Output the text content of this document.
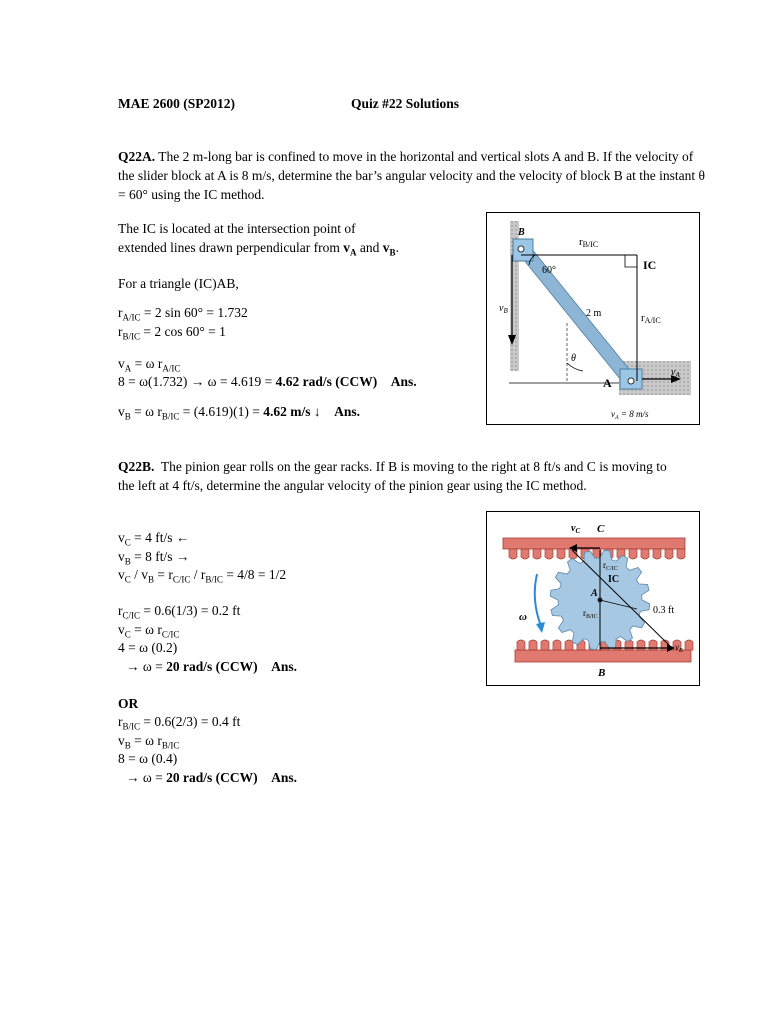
MAE 2600 (SP2012)	Quiz #22 Solutions
Q22A. The 2 m-long bar is confined to move in the horizontal and vertical slots A and B. If the velocity of the slider block at A is 8 m/s, determine the bar’s angular velocity and the velocity of block B at the instant θ = 60° using the IC method.
The IC is located at the intersection point of
extended lines drawn perpendicular from $v_A$ and $v_B$.
For a triangle (IC)AB,
$r_{A/IC} = 2$ sin 60° = 1.732
$r_{B/IC} = 2$ cos 60° = 1
$v_A = \omega$ $r_{A/IC}$
8 = ω(1.732) → ω = 4.619 = 4.62 rad/s (CCW) Ans.
$v_B = \omega$ $r_{B/IC} = (4.619)(1) = 4.62$ m/s ↓ Ans.
B
A
IC
rB/IC
rA/IC
60°
2 m
$v_B$
θ
$v_A$
$v_A = 8$ m/s
Q22B. The pinion gear rolls on the gear racks. If B is moving to the right at 8 ft/s and C is moving to the left at 4 ft/s, determine the angular velocity of the pinion gear using the IC method.
$v_C = 4$ ft/s ←
$v_B = 8$ ft/s →
$v_C / v_B = r_{C/IC} / r_{B/IC} = 4/8 = 1/2$
$r_{C/IC} = 0.6(1/3) = 0.2$ ft
$v_C = \omega$ $r_{C/IC}$
4 = ω (0.2)
→ ω = 20 rad/s (CCW) Ans.
OR
$r_{B/IC} = 0.6(2/3) = 0.4$ ft
$v_B = \omega$ $r_{B/IC}$
8 = ω (0.4)
→ ω = 20 rad/s (CCW) Ans.
$v_C$ C
$v_B$
B
$r_{C/IC}$
IC
A
$r_{B/IC}$
0.3 ft
ω
